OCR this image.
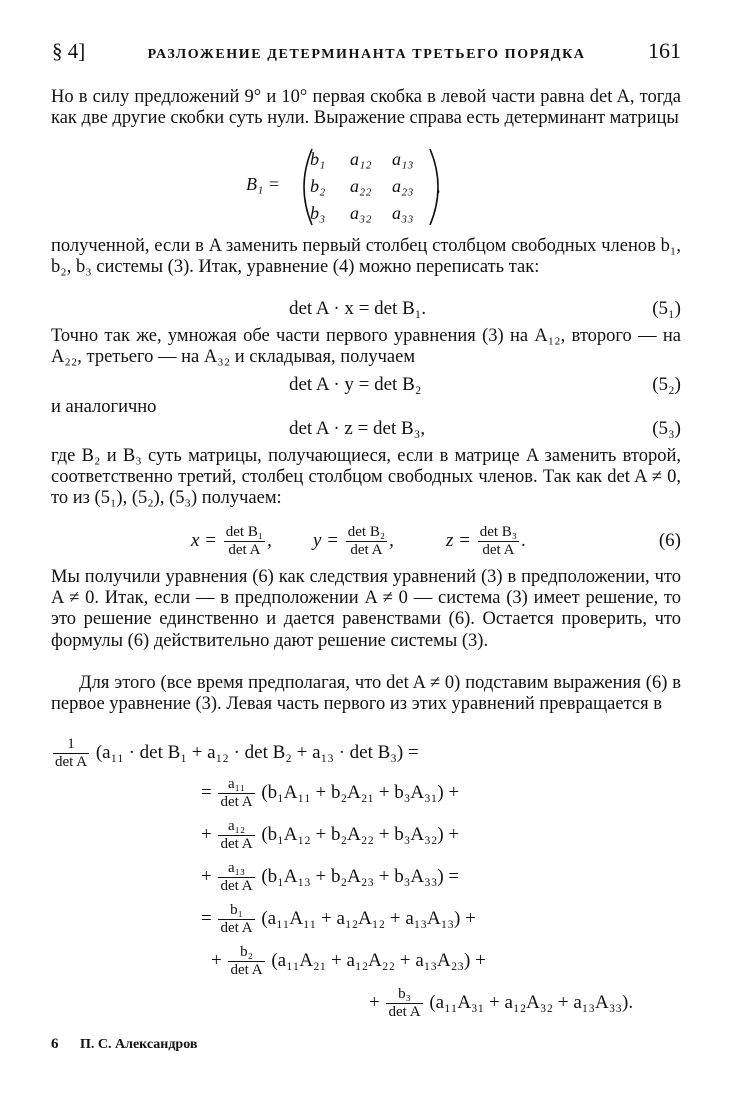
§ 4]	РАЗЛОЖЕНИЕ ДЕТЕРМИНАНТА ТРЕТЬЕГО ПОРЯДКА	161

Но в силу предложений 9° и 10° первая скобка в левой части равна det A, тогда как две другие скобки суть нули. Выражение справа есть детерминант матрицы

B₁ =
b₁	a₁₂	a₁₃
b₂	a₂₂	a₂₃
b₃	a₃₂	a₃₃
,

полученной, если в A заменить первый столбец столбцом свободных членов b₁, b₂, b₃ системы (3). Итак, уравнение (4) можно переписать так:

det A · x = det B₁.	(5₁)

Точно так же, умножая обе части первого уравнения (3) на A₁₂, второго — на A₂₂, третьего — на A₃₂ и складывая, получаем

det A · y = det B₂	(5₂)

и аналогично

det A · z = det B₃,	(5₃)

где B₂ и B₃ суть матрицы, получающиеся, если в матрице A заменить второй, соответственно третий, столбец столбцом свободных членов. Так как det A ≠ 0, то из (5₁), (5₂), (5₃) получаем:

$x = \frac{\text{det B₁}}{\text{det A}}$ , $y = \frac{\text{det B₂}}{\text{det A}}$ ,	$z = \frac{\text{det B₃}}{\text{det A}}$ .	(6)

Мы получили уравнения (6) как следствия уравнений (3) в предположении, что A ≠ 0. Итак, если — в предположении A ≠ 0 — система (3) имеет решение, то это решение единственно и дается равенствами (6). Остается проверить, что формулы (6) действительно дают решение системы (3).

Для этого (все время предполагая, что det A ≠ 0) подставим выражения (6) в первое уравнение (3). Левая часть первого из этих уравнений превращается в

$\frac{1}{\text{det A}} (a_{11} \cdot \det B_1 + a_{12} \cdot \det B_2 + a_{13} \cdot \det B_3)$ =
= $\frac{\text{a₁₁}}{\text{det A}} (b_1A_{11} + b_2A_{21} + b_3A_{31})$ +
+ $\frac{\text{a₁₂}}{\text{det A}} (b_1A_{12} + b_2A_{22} + b_3A_{32})$ +
+ $\frac{\text{a₁₃}}{\text{det A}} (b_1A_{13} + b_2A_{23} + b_3A_{33})$ =
= $\frac{\text{b₁}}{\text{det A}} (a_{11}A_{11} + a_{12}A_{12} + a_{13}A_{13})$ +
+ $\frac{\text{b₂}}{\text{det A}} (a_{11}A_{21} + a_{12}A_{22} + a_{13}A_{23})$ +
+ $\frac{\text{b₃}}{\text{det A}} (a_{11}A_{31} + a_{12}A_{32} + a_{13}A_{33})$.
6 П. С. Александров
